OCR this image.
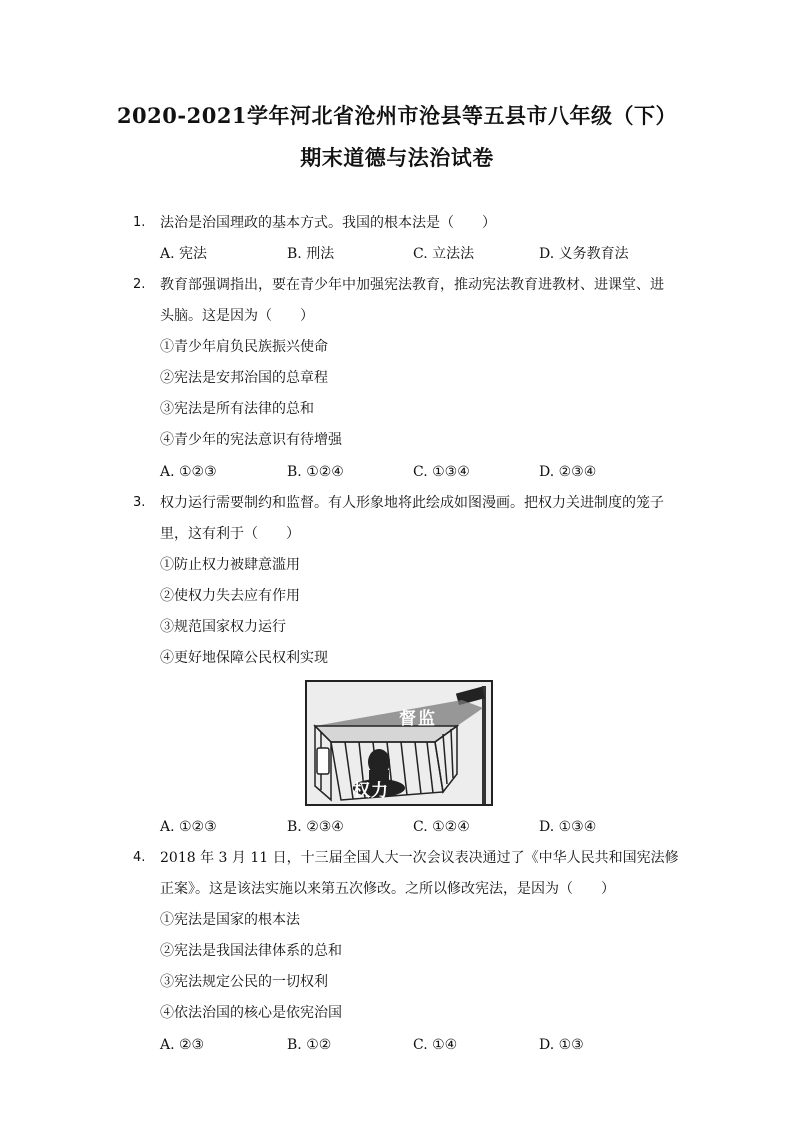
2020-2021学年河北省沧州市沧县等五县市八年级（下）
期末道德与法治试卷
1. 法治是治国理政的基本方式。我国的根本法是（　　）
A. 宪法	B. 刑法	C. 立法法	D. 义务教育法
2. 教育部强调指出，要在青少年中加强宪法教育，推动宪法教育进教材、进课堂、进
头脑。这是因为（　　）
①青少年肩负民族振兴使命
②宪法是安邦治国的总章程
③宪法是所有法律的总和
④青少年的宪法意识有待增强
A. ①②③	B. ①②④	C. ①③④	D. ②③④
3. 权力运行需要制约和监督。有人形象地将此绘成如图漫画。把权力关进制度的笼子
里，这有利于（　　）
①防止权力被肆意滥用
②使权力失去应有作用
③规范国家权力运行
④更好地保障公民权利实现
督监
权力
A. ①②③	B. ②③④	C. ①②④	D. ①③④
4. 2018 年 3 月 11 日，十三届全国人大一次会议表决通过了《中华人民共和国宪法修
正案》。这是该法实施以来第五次修改。之所以修改宪法，是因为（　　）
①宪法是国家的根本法
②宪法是我国法律体系的总和
③宪法规定公民的一切权利
④依法治国的核心是依宪治国
A. ②③	B. ①②	C. ①④	D. ①③
